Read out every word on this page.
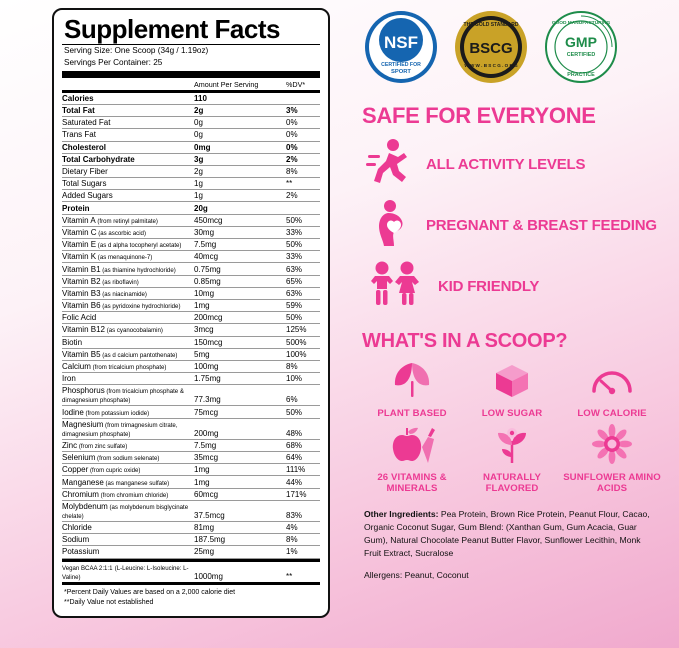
Supplement Facts
Serving Size: One Scoop (34g / 1.19oz)
Servings Per Container: 25
Amount Per Serving	%DV*
Calories	110	
Total Fat	2g	3%
Saturated Fat	0g	0%
Trans Fat	0g	0%
Cholesterol	0mg	0%
Total Carbohydrate	3g	2%
Dietary Fiber	2g	8%
Total Sugars	1g	**
Added Sugars	1g	2%
Protein	20g	
Vitamin A (from retinyl palmitate)	450mcg	50%
Vitamin C (as ascorbic acid)	30mg	33%
Vitamin E (as d alpha tocopheryl acetate)	7.5mg	50%
Vitamin K (as menaquinone-7)	40mcg	33%
Vitamin B1 (as thiamine hydrochloride)	0.75mg	63%
Vitamin B2 (as riboflavin)	0.85mg	65%
Vitamin B3 (as niacinamide)	10mg	63%
Vitamin B6 (as pyridoxine hydrochloride)	1mg	59%
Folic Acid	200mcg	50%
Vitamin B12 (as cyanocobalamin)	3mcg	125%
Biotin	150mcg	500%
Vitamin B5 (as d calcium pantothenate)	5mg	100%
Calcium (from tricalcium phosphate)	100mg	8%
Iron	1.75mg	10%
Phosphorus (from tricalcium phosphate & dimagnesium phosphate)	77.3mg	6%
Iodine (from potassium iodide)	75mcg	50%
Magnesium (from trimagnesium citrate, dimagnesium phosphate)	200mg	48%
Zinc (from zinc sulfate)	7.5mg	68%
Selenium (from sodium selenate)	35mcg	64%
Copper (from cupric oxide)	1mg	111%
Manganese (as manganese sulfate)	1mg	44%
Chromium (from chromium chloride)	60mcg	171%
Molybdenum (as molybdenum bisglycinate chelate)	37.5mcg	83%
Chloride	81mg	4%
Sodium	187.5mg	8%
Potassium	25mg	1%
Vegan BCAA 2:1:1 (L-Leucine: L-Isoleucine: L-Valine)	1000mg	**
*Percent Daily Values are based on a 2,000 calorie diet
**Daily Value not established
NSF
CERTIFIED FOR
SPORT
THE GOLD STANDARD
BSCG
W W W . B S C G . O R G
GOOD MANUFACTURING
GMP
CERTIFIED
PRACTICE
SAFE FOR EVERYONE
ALL ACTIVITY LEVELS
PREGNANT & BREAST FEEDING
KID FRIENDLY
WHAT'S IN A SCOOP?
PLANT BASED	LOW SUGAR	LOW CALORIE
26 VITAMINS & MINERALS
NATURALLY FLAVORED
SUNFLOWER AMINO ACIDS
Other Ingredients: Pea Protein, Brown Rice Protein, Peanut Flour, Cacao, Organic Coconut Sugar, Gum Blend: (Xanthan Gum, Gum Acacia, Guar Gum), Natural Chocolate Peanut Butter Flavor, Sunflower Lecithin, Monk Fruit Extract, Sucralose
Allergens: Peanut, Coconut
